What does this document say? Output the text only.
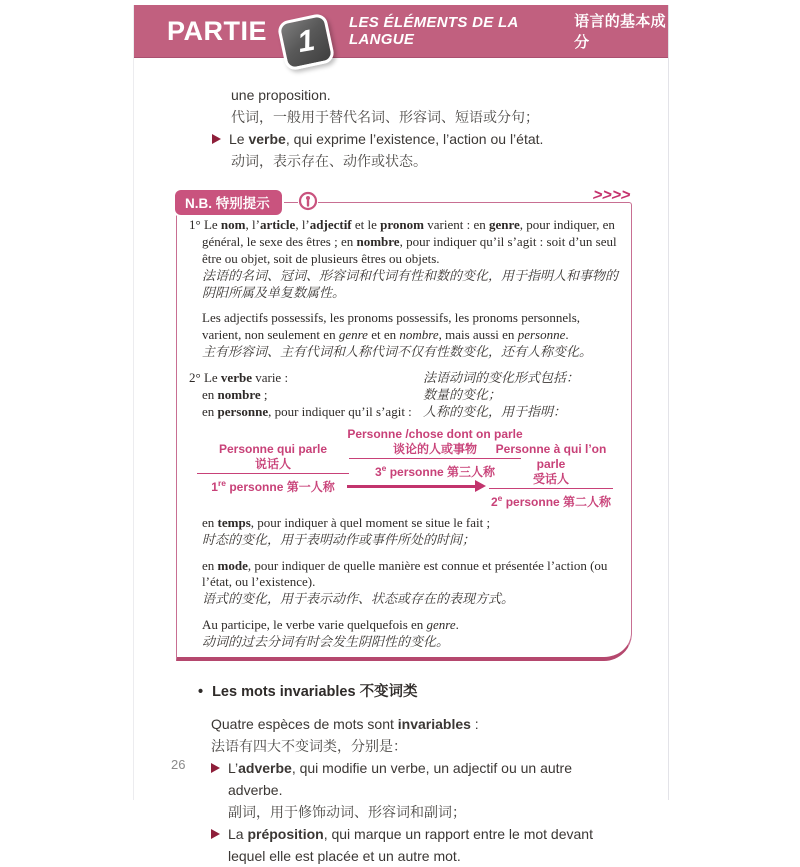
PARTIE 1
LES ÉLÉMENTS DE LA LANGUE
语言的基本成分
une proposition.
代词，一般用于替代名词、形容词、短语或分句；
Le verbe, qui exprime l’existence, l’action ou l’état.
动词，表示存在、动作或状态。
N.B. 特别提示	>>>>

1° Le nom, l’article, l’adjectif et le pronom varient : en genre, pour indiquer, en général, le sexe des êtres ; en nombre, pour indiquer qu’il s’agit : soit d’un seul être ou objet, soit de plusieurs êtres ou objets.

法语的名词、冠词、形容词和代词有性和数的变化，用于指明人和事物的阴阳所属及单复数属性。

Les adjectifs possessifs, les pronoms possessifs, les pronoms personnels, varient, non seulement en genre et en nombre, mais aussi en personne.

主有形容词、主有代词和人称代词不仅有性数变化，还有人称变化。

2° Le verbe varie :	法语动词的变化形式包括：

en nombre ;	数量的变化；

en personne, pour indiquer qu’il s’agit : 人称的变化，用于指明：

Personne qui parle
说话人
1re personne 第一人称
Personne /chose dont on parle
谈论的人或事物
3e personne 第三人称
Personne à qui l’on parle
受话人
2e personne 第二人称

en temps, pour indiquer à quel moment se situe le fait ;

时态的变化，用于表明动作或事件所处的时间；

en mode, pour indiquer de quelle manière est connue et présentée l’action (ou l’état, ou l’existence).

语式的变化，用于表示动作、状态或存在的表现方式。

Au participe, le verbe varie quelquefois en genre.

动词的过去分词有时会发生阴阳性的变化。

• Les mots invariables 不变词类
Quatre espèces de mots sont invariables :
法语有四大不变词类，分别是：
L’adverbe, qui modifie un verbe, un adjectif ou un autre adverbe.
副词，用于修饰动词、形容词和副词；
La préposition, qui marque un rapport entre le mot devant lequel elle est placée et un autre mot.
26
